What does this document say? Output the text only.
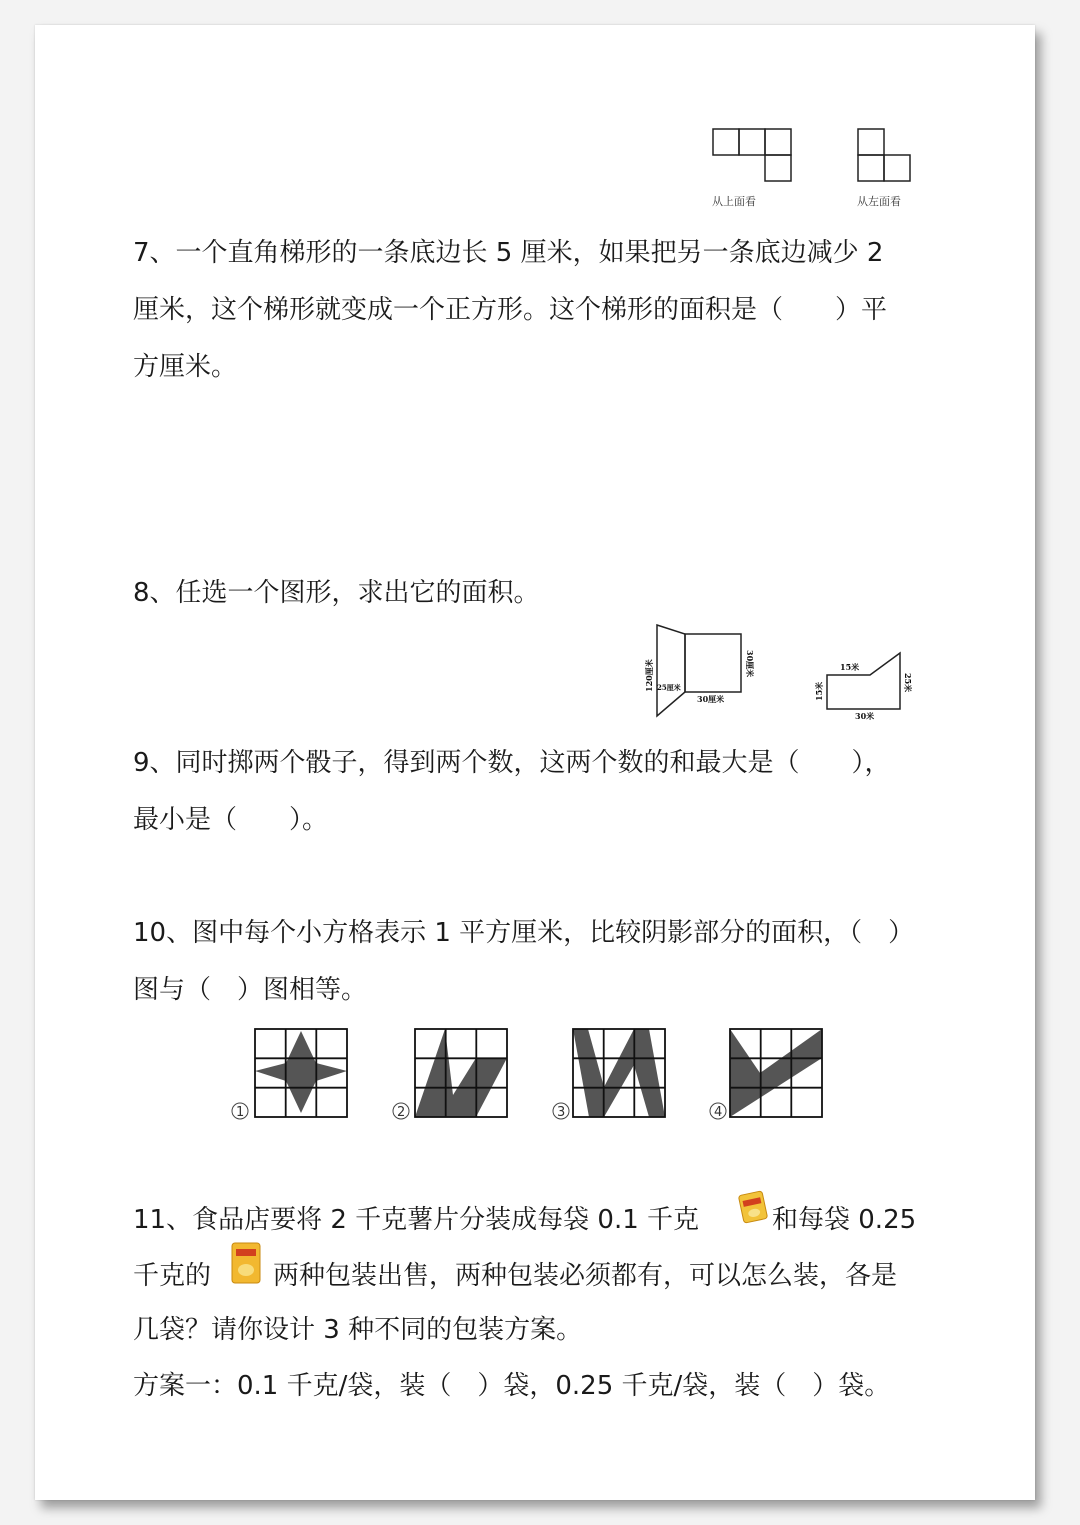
从上面看	从左面看
7、一个直角梯形的一条底边长 5 厘米，如果把另一条底边减少 2
厘米，这个梯形就变成一个正方形。这个梯形的面积是（　　）平
方厘米。
8、任选一个图形，求出它的面积。
120厘米 25厘米
30厘米
30厘米	15米
15米	25米
30米
9、同时掷两个骰子，得到两个数，这两个数的和最大是（　　），
最小是（　　）。
10、图中每个小方格表示 1 平方厘米，比较阴影部分的面积，（　）
图与（　）图相等。
1	2	3	4
11、食品店要将 2 千克薯片分装成每袋 0.1 千克	和每袋 0.25
千克的 两种包装出售，两种包装必须都有，可以怎么装，各是
几袋？请你设计 3 种不同的包装方案。
方案一：0.1 千克/袋，装（　）袋，0.25 千克/袋，装（　）袋。
